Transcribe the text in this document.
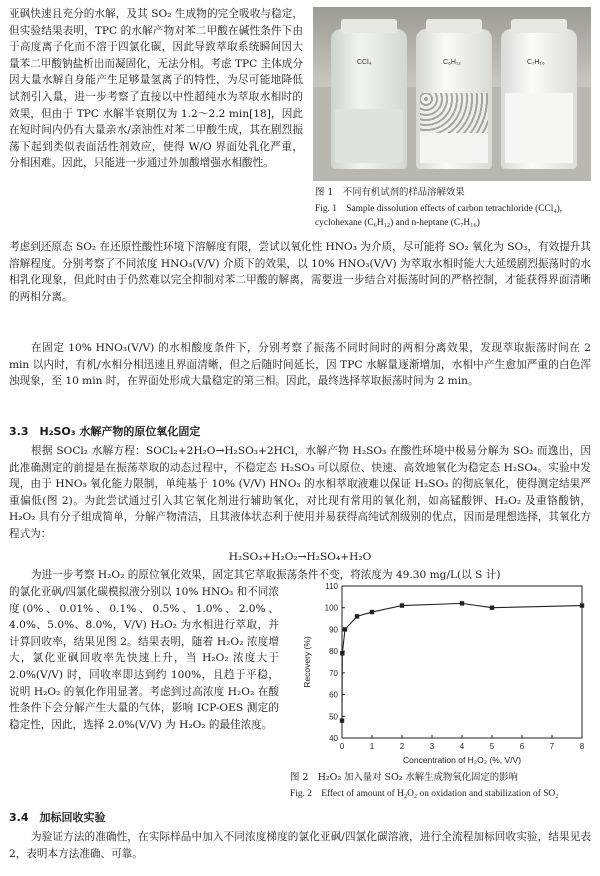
亚砜快速且充分的水解，及其 SO₂ 生成物的完全吸收与稳定，但实验结果表明，TPC 的水解产物对苯二甲酸在碱性条件下由于高度离子化而不溶于四氯化碳，因此导致萃取系统瞬间因大量苯二甲酸钠盐析出而凝固化，无法分相。考虑 TPC 主体成分因大量水解自身能产生足够量氢离子的特性，为尽可能地降低试剂引入量，进一步考察了直接以中性超纯水为萃取水相时的效果，但由于 TPC 水解半衰期仅为 1.2～2.2 min[18]，因此在短时间内仍有大量亲水/亲油性对苯二甲酸生成，其在剧烈振荡下起到类似表面活性剂效应，使得 W/O 界面处乳化严重，分相困难。因此，只能进一步通过外加酸增强水相酸性。
考虑到还原态 SO₂ 在还原性酸性环境下溶解度有限，尝试以氧化性 HNO₃ 为介质，尽可能将 SO₂ 氧化为 SO₃，有效提升其溶解程度。分别考察了不同浓度 HNO₃(V/V) 介质下的效果，以 10% HNO₃(V/V) 为萃取水相时能大大延缓剧烈振荡时的水相乳化现象，但此时由于仍然难以完全抑制对苯二甲酸的解离，需要进一步结合对振荡时间的严格控制，才能获得界面清晰的两相分离。
CCl₄	C₆H₁₂	C₇H₁₆
图 1　不同有机试剂的样品溶解效果
Fig. 1　Sample dissolution effects of carbon tetrachloride (CCl₄), cyclohexane (C₆H₁₂) and n-heptane (C₇H₁₆)
在固定 10% HNO₃(V/V) 的水相酸度条件下，分别考察了振荡不同时间时的两相分离效果，发现萃取振荡时间在 2 min 以内时，有机/水相分相迅速且界面清晰，但之后随时间延长，因 TPC 水解量逐渐增加，水相中产生愈加严重的白色浑浊现象，至 10 min 时，在界面处形成大量稳定的第三相。因此，最终选择萃取振荡时间为 2 min。
3.3　H₂SO₃ 水解产物的原位氧化固定
根据 SOCl₂ 水解方程：SOCl₂+2H₂O→H₂SO₃+2HCl，水解产物 H₂SO₃ 在酸性环境中极易分解为 SO₂ 而逸出，因此准确测定的前提是在振荡萃取的动态过程中，不稳定态 H₂SO₃ 可以原位、快速、高效地氧化为稳定态 H₂SO₄。实验中发现，由于 HNO₃ 氧化能力限制，单纯基于 10% (V/V) HNO₃ 的水相萃取液难以保证 H₂SO₃ 的彻底氧化，使得测定结果严重偏低(图 2)。为此尝试通过引入其它氧化剂进行辅助氧化，对比现有常用的氧化剂，如高锰酸钾、H₂O₂ 及重铬酸钠，H₂O₂ 具有分子组成简单，分解产物清洁，且其液体状态利于使用并易获得高纯试剂级别的优点，因而是理想选择，其氧化方程式为：
H₂SO₃+H₂O₂→H₂SO₄+H₂O
为进一步考察 H₂O₂ 的原位氧化效果，固定其它萃取振荡条件不变，将浓度为 49.30 mg/L(以 S 计)
的氯化亚砜/四氯化碳模拟液分别以 10% HNO₃ 和不同浓度(0%、0.01%、0.1%、0.5%、1.0%、2.0%、4.0%、5.0%、8.0%，V/V) H₂O₂ 为水相进行萃取，并计算回收率，结果见图 2。结果表明，随着 H₂O₂ 浓度增大，氯化亚砜回收率先快速上升，当 H₂O₂ 浓度大于 2.0%(V/V) 时，回收率即达到约 100%，且趋于平稳，说明 H₂O₂ 的氧化作用显著。考虑到过高浓度 H₂O₂ 在酸性条件下会分解产生大量的气体，影响 ICP-OES 测定的稳定性，因此，选择 2.0%(V/V) 为 H₂O₂ 的最佳浓度。
0	1	2	3	4	5	6	7	8
40
50
60
70
80
90
100
110
Concentration of H₂O₂ (%, V/V)
Recovery (%)
图 2　H₂O₂ 加入量对 SO₂ 水解生成物氧化固定的影响
Fig. 2　Effect of amount of H₂O₂ on oxidation and stabilization of SO₂
3.4　加标回收实验
为验证方法的准确性，在实际样品中加入不同浓度梯度的氯化亚砜/四氯化碳溶液，进行全流程加标回收实验，结果见表 2，表明本方法准确、可靠。
